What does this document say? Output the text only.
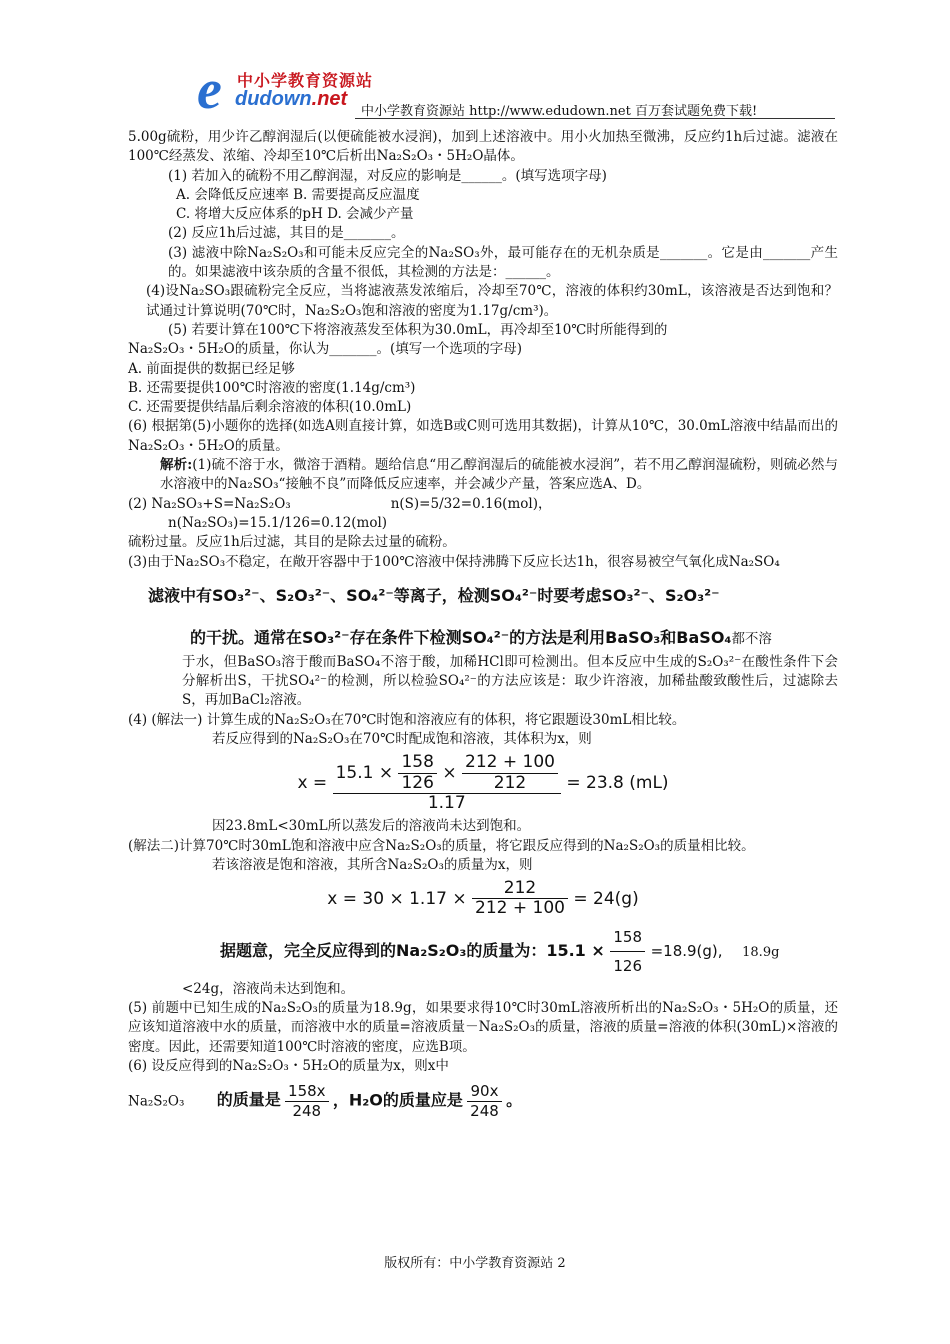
e 中小学教育资源站
dudown.net
中小学教育资源站 http://www.edudown.net 百万套试题免费下载!

5.00g硫粉，用少许乙醇润湿后(以便硫能被水浸润)，加到上述溶液中。用小火加热至微沸，反应约1h后过滤。滤液在100℃经蒸发、浓缩、冷却至10℃后析出Na₂S₂O₃・5H₂O晶体。

(1) 若加入的硫粉不用乙醇润湿，对反应的影响是______。(填写选项字母)

A. 会降低反应速率 B. 需要提高反应温度

C. 将增大反应体系的pH D. 会减少产量

(2) 反应1h后过滤，其目的是_______。

(3) 滤液中除Na₂S₂O₃和可能未反应完全的Na₂SO₃外，最可能存在的无机杂质是_______。它是由_______产生的。如果滤液中该杂质的含量不很低，其检测的方法是：______。

(4)设Na₂SO₃跟硫粉完全反应，当将滤液蒸发浓缩后，冷却至70℃，溶液的体积约30mL，该溶液是否达到饱和？试通过计算说明(70℃时，Na₂S₂O₃饱和溶液的密度为1.17g/cm³)。

(5) 若要计算在100℃下将溶液蒸发至体积为30.0mL，再冷却至10℃时所能得到的

Na₂S₂O₃・5H₂O的质量，你认为_______。(填写一个选项的字母)

A. 前面提供的数据已经足够

B. 还需要提供100℃时溶液的密度(1.14g/cm³)

C. 还需要提供结晶后剩余溶液的体积(10.0mL)

(6) 根据第(5)小题你的选择(如选A则直接计算，如选B或C则可选用其数据)，计算从10℃，30.0mL溶液中结晶而出的Na₂S₂O₃・5H₂O的质量。

解析:(1)硫不溶于水，微溶于酒精。题给信息“用乙醇润湿后的硫能被水浸润”，若不用乙醇润湿硫粉，则硫必然与水溶液中的Na₂SO₃“接触不良”而降低反应速率，并会减少产量，答案应选A、D。

(2) Na₂SO₃+S=Na₂S₂O₃	n(S)=5/32=0.16(mol)，

n(Na₂SO₃)=15.1/126=0.12(mol)

硫粉过量。反应1h后过滤，其目的是除去过量的硫粉。

(3)由于Na₂SO₃不稳定，在敞开容器中于100℃溶液中保持沸腾下反应长达1h，很容易被空气氧化成Na₂SO₄

滤液中有SO₃²⁻、S₂O₃²⁻、SO₄²⁻等离子，检测SO₄²⁻时要考虑SO₃²⁻、S₂O₃²⁻

的干扰。通常在SO₃²⁻存在条件下检测SO₄²⁻的方法是利用BaSO₃和BaSO₄都不溶

于水，但BaSO₃溶于酸而BaSO₄不溶于酸，加稀HCl即可检测出。但本反应中生成的S₂O₃²⁻在酸性条件下会分解析出S，干扰SO₄²⁻的检测，所以检验SO₄²⁻的方法应该是：取少许溶液，加稀盐酸致酸性后，过滤除去S，再加BaCl₂溶液。

(4) (解法一) 计算生成的Na₂S₂O₃在70℃时饱和溶液应有的体积，将它跟题设30mL相比较。

若反应得到的Na₂S₂O₃在70℃时配成饱和溶液，其体积为x，则

$x = \frac{15.1 \times \frac{158}{126} \times \frac{212 + 100}{212}}{1.17} = 23.8$ (mL)

因23.8mL<30mL所以蒸发后的溶液尚未达到饱和。

(解法二)计算70℃时30mL饱和溶液中应含Na₂S₂O₃的质量，将它跟反应得到的Na₂S₂O₃的质量相比较。

若该溶液是饱和溶液，其所含Na₂S₂O₃的质量为x，则

$x = 30 \times 1.17 \times \frac{212}{212 + 100} = 24(g)$

据题意，完全反应得到的Na₂S₂O₃的质量为：$15.1 \times \frac{158}{126} =18.9(g)$, 18.9g

<24g，溶液尚未达到饱和。

(5) 前题中已知生成的Na₂S₂O₃的质量为18.9g，如果要求得10℃时30mL溶液所析出的Na₂S₂O₃・5H₂O的质量，还应该知道溶液中水的质量，而溶液中水的质量=溶液质量－Na₂S₂O₃的质量，溶液的质量=溶液的体积(30mL)×溶液的密度。因此，还需要知道100℃时溶液的密度，应选B项。

(6) 设反应得到的Na₂S₂O₃・5H₂O的质量为x，则x中

Na₂S₂O₃ 的质量是 $\frac{158x}{248}$ ，H₂O的质量应是 $\frac{90x}{248}$ 。

版权所有：中小学教育资源站 2
